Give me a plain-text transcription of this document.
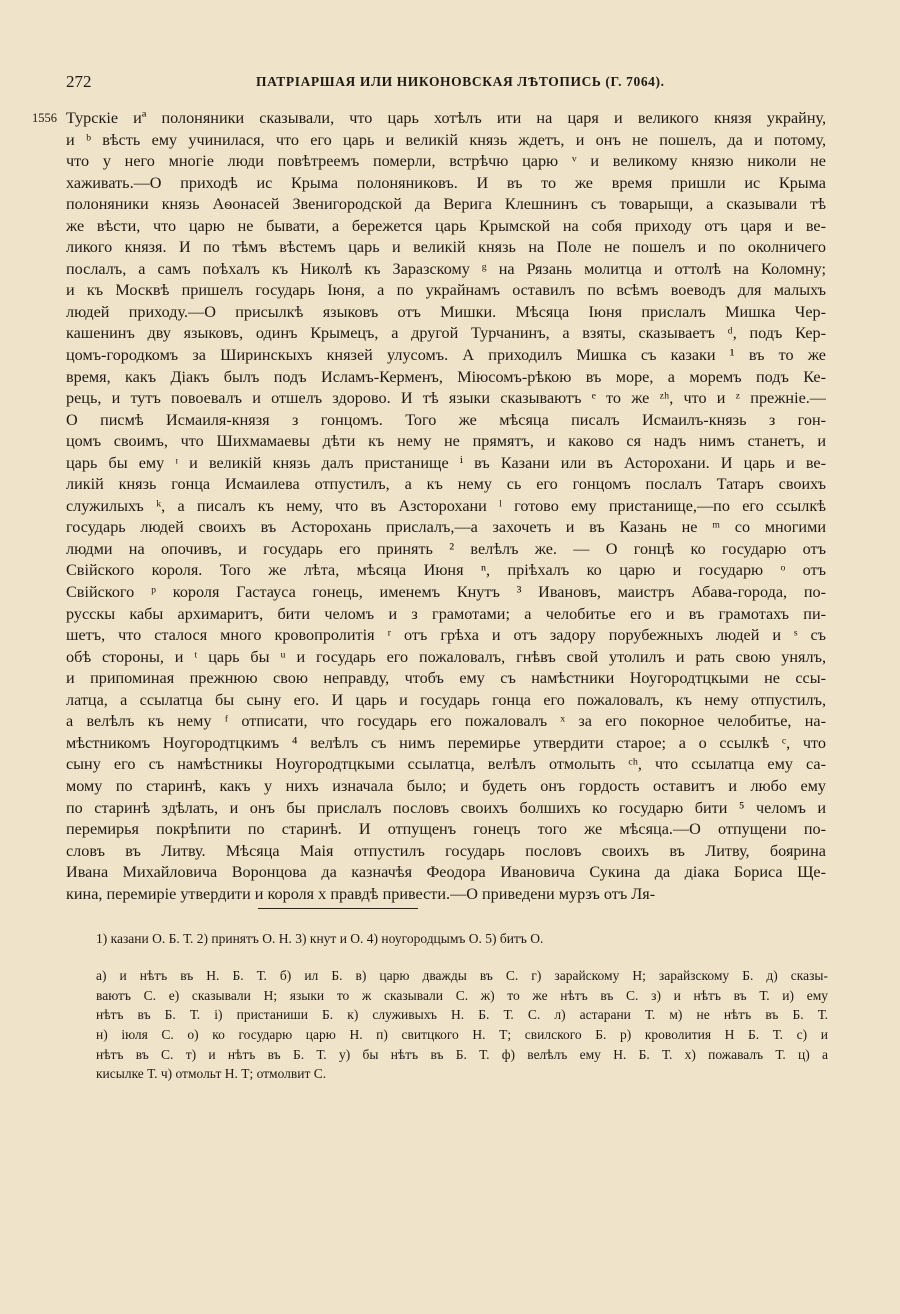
272	ПАТРІАРШАЯ ИЛИ НИКОНОВСКАЯ ЛѢТОПИСЬ (Г. 7064).
1556 Турскіе иª полоняники сказывали, что царь хотѣлъ ити на царя и великого князя украйну,
и ᵇ вѣсть ему учинилася, что его царь и великій князь ждетъ, и онъ не пошелъ, да и потому,
что у него многіе люди повѣтреемъ померли, встрѣчю царю ᵛ и великому князю николи не
хаживать.—О приходѣ ис Крыма полоняниковъ. И въ то же время пришли ис Крыма
полоняники князь Аѳонасей Звенигородской да Верига Клешнинъ съ товарыщи, а сказывали тѣ
же вѣсти, что царю не бывати, а бережется царь Крымской на собя приходу отъ царя и ве-
ликого князя. И по тѣмъ вѣстемъ царь и великій князь на Поле не пошелъ и по околничего
послалъ, а самъ поѣхалъ къ Николѣ къ Заразскому ᵍ на Рязань молитца и оттолѣ на Коломну;
и къ Москвѣ пришелъ государь Іюня, а по украйнамъ оставилъ по всѣмъ воеводъ для малыхъ
людей приходу.—О присылкѣ языковъ отъ Мишки. Мѣсяца Іюня прислалъ Мишка Чер-
кашенинъ дву языковъ, одинъ Крымецъ, а другой Турчанинъ, а взяты, сказываетъ ᵈ, подъ Кер-
цомъ-городкомъ за Ширинскыхъ князей улусомъ. А приходилъ Мишка съ казаки ¹ въ то же
время, какъ Діакъ былъ подъ Исламъ-Керменъ, Міюсомъ-рѣкою въ море, а моремъ подъ Ке-
рець, и тутъ повоевалъ и отшелъ здорово. И тѣ языки сказываютъ ᵉ то же ᶻʰ, что и ᶻ прежніе.—
О писмѣ Исмаиля-князя з гонцомъ. Того же мѣсяца писалъ Исмаилъ-князь з гон-
цомъ своимъ, что Шихмамаевы дѣти къ нему не прямятъ, и каково ся надъ нимъ станетъ, и
царь бы ему ᶦ и великій князь далъ пристанище ⁱ въ Казани или въ Асторохани. И царь и ве-
ликій князь гонца Исмаилева отпустилъ, а къ нему сь его гонцомъ послалъ Татаръ своихъ
служилыхъ ᵏ, а писалъ къ нему, что въ Азсторохани ˡ готово ему пристанище,—по его ссылкѣ
государь людей своихъ въ Асторохань прислалъ,—а захочеть и въ Казань не ᵐ со многими
людми на опочивъ, и государь его принять ² велѣлъ же. — О гонцѣ ко государю отъ
Свійского короля. Того же лѣта, мѣсяца Июня ⁿ, пріѣхалъ ко царю и государю ᵒ отъ
Свійского ᵖ короля Гастауса гонець, именемъ Кнутъ ³ Ивановъ, маистръ Абава-города, по-
русскы кабы архимаритъ, бити челомъ и з грамотами; а челобитье его и въ грамотахъ пи-
шетъ, что сталося много кровопролитія ʳ отъ грѣха и отъ задору порубежныхъ людей и ˢ съ
обѣ стороны, и ᵗ царь бы ᵘ и государь его пожаловалъ, гнѣвъ свой утолилъ и рать свою унялъ,
и припоминая прежнюю свою неправду, чтобъ ему съ намѣстники Ноугородтцкыми не ссы-
латца, а ссылатца бы сыну его. И царь и государь гонца его пожаловалъ, къ нему отпустилъ,
а велѣлъ къ нему ᶠ отписати, что государь его пожаловалъ ˣ за его покорное челобитье, на-
мѣстникомъ Ноугородтцкимъ ⁴ велѣлъ съ нимъ перемирье утвердити старое; а о ссылкѣ ᶜ, что
сыну его съ намѣстникы Ноугородтцкыми ссылатца, велѣлъ отмолыть ᶜʰ, что ссылатца ему са-
мому по старинѣ, какъ у нихъ изначала было; и будеть онъ гордость оставитъ и любо ему
по старинѣ здѣлать, и онъ бы прислалъ пословъ своихъ болшихъ ко государю бити ⁵ челомъ и
перемирья покрѣпити по старинѣ. И отпущенъ гонецъ того же мѣсяца.—О отпущени по-
словъ въ Литву. Мѣсяца Маія отпустилъ государь пословъ своихъ въ Литву, боярина
Ивана Михайловича Воронцова да казначѣя Феодора Ивановича Сукина да діака Бориса Ще-
кина, перемиріе утвердити и короля х правдѣ привести.—О приведени мурзъ отъ Ля-
1) казани О. Б. Т. 2) принятъ О. Н. 3) кнут и О. 4) ноугородцымъ О. 5) битъ О.
а) и нѣтъ въ Н. Б. Т. б) ил Б. в) царю дважды въ С. г) зарайскому Н; зарайзскому Б. д) сказы-
ваютъ С. е) сказывали Н; языки то ж сказывали С. ж) то же нѣтъ въ С. з) и нѣтъ въ Т. и) ему
нѣтъ въ Б. Т. і) пристаниши Б. к) служивыхъ Н. Б. Т. С. л) астарани Т. м) не нѣтъ въ Б. Т.
н) іюля С. о) ко государю царю Н. п) свитцкого Н. Т; свилского Б. р) кроволития Н Б. Т. с) и
нѣтъ въ С. т) и нѣтъ въ Б. Т. у) бы нѣтъ въ Б. Т. ф) велѣлъ ему Н. Б. Т. х) пожавалъ Т. ц) а
кисылке Т. ч) отмольт Н. Т; отмолвит С.
